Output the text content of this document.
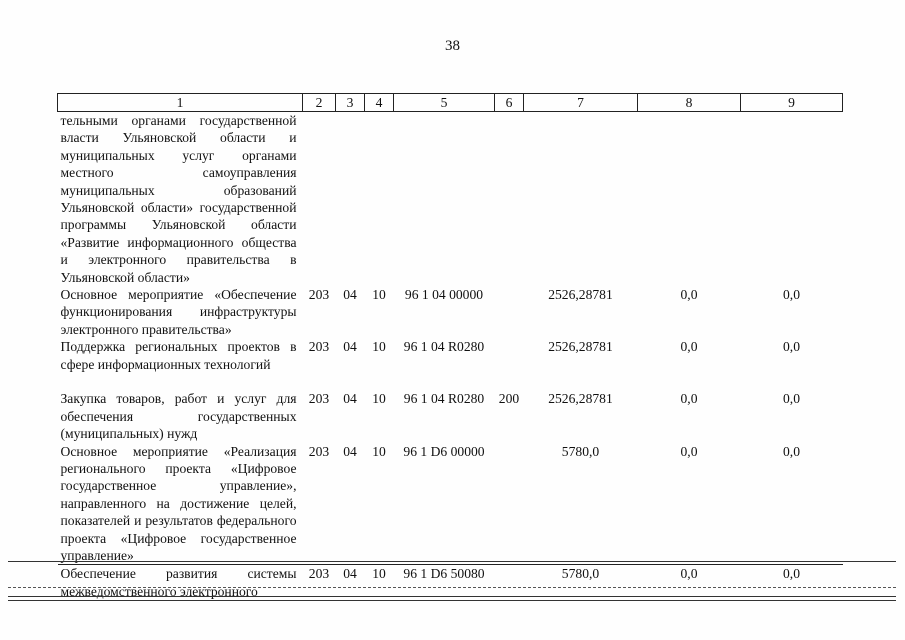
38
1	2	3	4	5	6	7	8	9
тельными органами государственной власти Ульяновской области и муниципальных услуг органами местного самоуправления муниципальных образований Ульяновской области» государственной программы Ульяновской области «Развитие информационного общества и электронного правительства в Ульяновской области»								
Основное мероприятие «Обеспечение функционирования инфраструктуры электронного правительства»	203	04	10	96 1 04 00000		2526,28781	0,0	0,0
Поддержка региональных проектов в сфере информационных технологий	203	04	10	96 1 04 R0280		2526,28781	0,0	0,0
Закупка товаров, работ и услуг для обеспечения государственных (муниципальных) нужд	203	04	10	96 1 04 R0280	200	2526,28781	0,0	0,0
Основное мероприятие «Реализация регионального проекта «Цифровое государственное управление», направленного на достижение целей, показателей и результатов федерального проекта «Цифровое государственное управление»	203	04	10	96 1 D6 00000		5780,0	0,0	0,0
Обеспечение развития системы межведомственного электронного	203	04	10	96 1 D6 50080		5780,0	0,0	0,0
